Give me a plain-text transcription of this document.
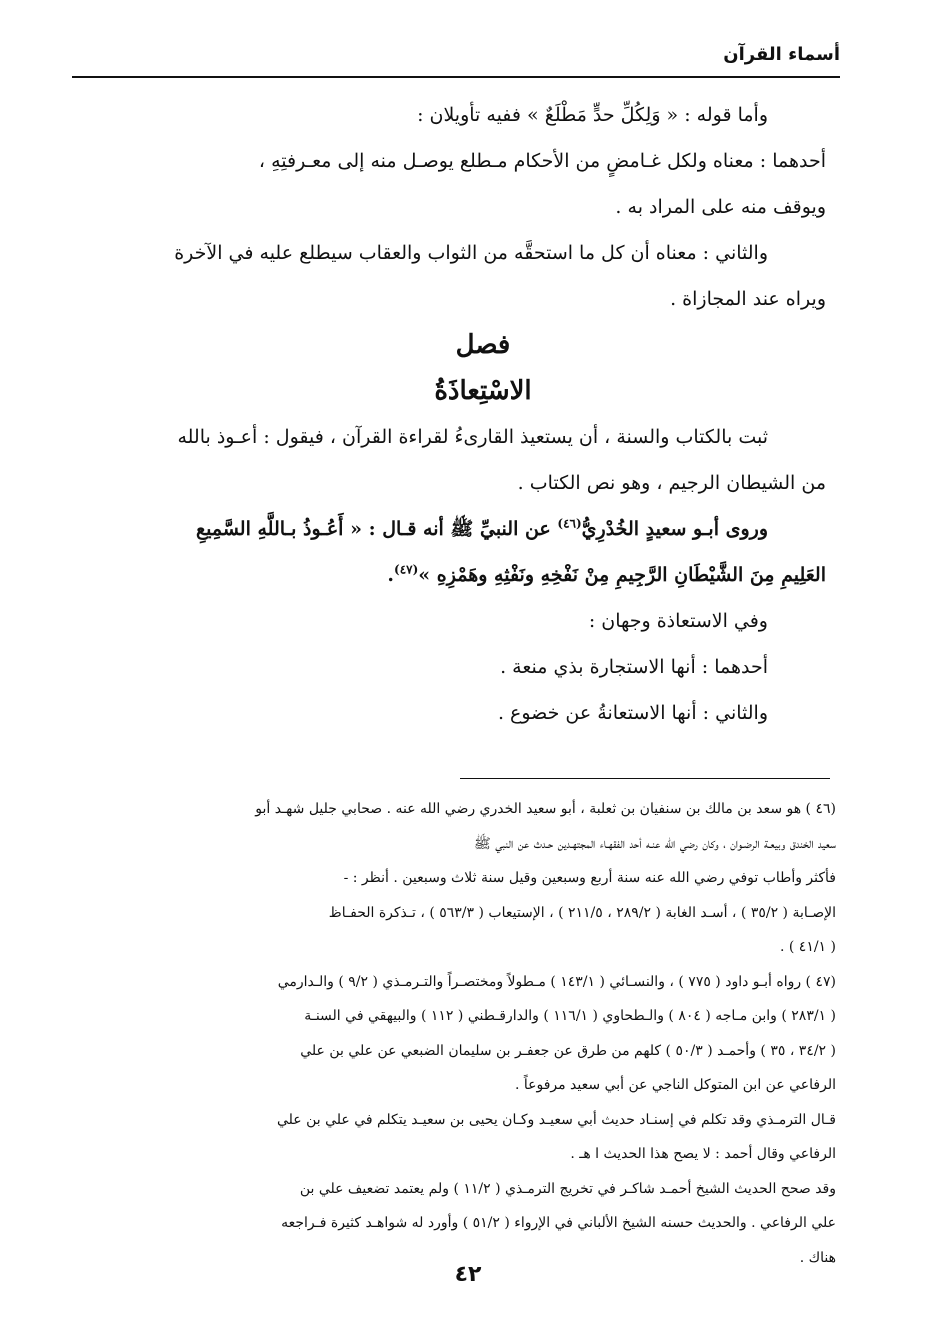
أسماء القرآن

وأما قوله : « وَلِكُلِّ حدٍّ مَطْلَعٌ » ففيه تأويلان :

أحدهما : معناه ولكل غـامضٍ من الأحكام مـطلع يوصـل منه إلى معـرفتِهِ ،

ويوقف منه على المراد به .

والثاني : معناه أن كل ما استحقَّه من الثواب والعقاب سيطلع عليه في الآخرة

ويراه عند المجازاة .

فصل

الاسْتِعاذَةُ

ثبت بالكتاب والسنة ، أن يستعيذ القارىءُ لقراءة القرآن ، فيقول : أعـوذ بالله

من الشيطان الرجيم ، وهو نص الكتاب .

وروى أبـو سعيدٍ الخُدْرِيُّ$^{(٤٦)}$ عن النبيِّ ﷺ أنه قـال : « أَعُـوذُ بـاللَّهِ السَّمِيعِ

العَلِيمِ مِنَ الشَّيْطَانِ الرَّجِيمِ مِنْ نَفْخِهِ ونَفْثِهِ وهَمْزِهِ »$^{(٤٧)}$.

وفي الاستعاذة وجهان :

أحدهما : أنها الاستجارة بذي منعة .

والثاني : أنها الاستعانةُ عن خضوع .

(٤٦ ) هو سعد بن مالك بن سنفيان بن ثعلبة ، أبو سعيد الخدري رضي الله عنه . صحابي جليل شهـد أبو

سعيد الخندق وبيعـة الرضـوان ، وكان رضي الله عنـه أحد الفقهـاء المجتهـدين حـدث عن النبي ﷺ

فأكثر وأطاب توفي رضي الله عنه سنة أربع وسبعين وقيل سنة ثلاث وسبعين . أنظر : -

الإصـابة ( ٣٥/٢ ) ، أسـد الغابة ( ٢٨٩/٢ ، ٢١١/٥ ) ، الإستيعاب ( ٥٦٣/٣ ) ، تـذكرة الحفـاظ

( ٤١/١ ) .

(٤٧ ) رواه أبـو داود ( ٧٧٥ ) ، والنسـائي ( ١٤٣/١ ) مـطولاً ومختصـراً والتـرمـذي ( ٩/٢ ) والـدارمي

( ٢٨٣/١ ) وابن مـاجه ( ٨٠٤ ) والـطحاوي ( ١١٦/١ ) والدارقـطني ( ١١٢ ) والبيهقي في السنـة

( ٣٤/٢ ، ٣٥ ) وأحمـد ( ٥٠/٣ ) كلهم من طرق عن جعفـر بن سليمان الضبعي عن علي بن علي

الرفاعي عن ابن المتوكل الناجي عن أبي سعيد مرفوعاً .

قـال الترمـذي وقد تكلم في إسنـاد حديث أبي سعيـد وكـان يحيى بن سعيـد يتكلم في علي بن علي

الرفاعي وقال أحمد : لا يصح هذا الحديث ا هـ .

وقد صحح الحديث الشيخ أحمـد شاكـر في تخريج الترمـذي ( ١١/٢ ) ولم يعتمد تضعيف علي بن

علي الرفاعي . والحديث حسنه الشيخ الألباني في الإرواء ( ٥١/٢ ) وأورد له شواهـد كثيرة فـراجعه

هناك .

٤٢
